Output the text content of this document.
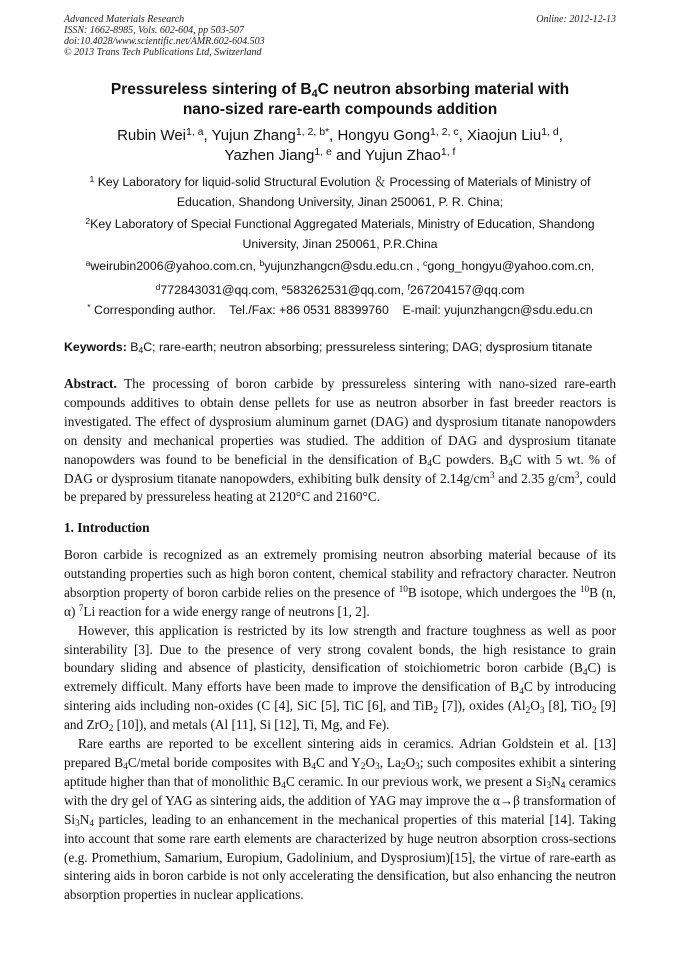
Advanced Materials Research	Online: 2012-12-13
ISSN: 1662-8985, Vols. 602-604, pp 503-507
doi:10.4028/www.scientific.net/AMR.602-604.503
© 2013 Trans Tech Publications Ltd, Switzerland
Pressureless sintering of $B_4C$ neutron absorbing material with
nano-sized rare-earth compounds addition
Rubin Wei$^{1, a}$, Yujun Zhang$^{1, 2, b*}$, Hongyu Gong$^{1, 2, c}$, Xiaojun Liu$^{1, d}$,
Yazhen Jiang$^{1, e}$ and Yujun Zhao$^{1, f}$
$^1$ Key Laboratory for liquid-solid Structural Evolution ＆ Processing of Materials of Ministry of
Education, Shandong University, Jinan 250061, P. R. China;
$^2$Key Laboratory of Special Functional Aggregated Materials, Ministry of Education, Shandong
University, Jinan 250061, P.R.China
$^a$weirubin2006@yahoo.com.cn, $^b$yujunzhangcn@sdu.edu.cn , $^c$gong_hongyu@yahoo.com.cn,
$^d$772843031@qq.com, $^e$583262531@qq.com, $^f$267204157@qq.com
* Corresponding author.    Tel./Fax: +86 0531 88399760    E-mail: yujunzhangcn@sdu.edu.cn
Keywords: $B_4C$; rare-earth; neutron absorbing; pressureless sintering; DAG; dysprosium titanate

Abstract. The processing of boron carbide by pressureless sintering with nano-sized rare-earth compounds additives to obtain dense pellets for use as neutron absorber in fast breeder reactors is investigated. The effect of dysprosium aluminum garnet (DAG) and dysprosium titanate nanopowders on density and mechanical properties was studied. The addition of DAG and dysprosium titanate nanopowders was found to be beneficial in the densification of $B_4C$ powders. $B_4C$ with 5 wt. % of DAG or dysprosium titanate nanopowders, exhibiting bulk density of $2.14g/cm^3$ and 2.35 $g/cm^3$, could be prepared by pressureless heating at 2120°C and 2160°C.

1. Introduction

Boron carbide is recognized as an extremely promising neutron absorbing material because of its outstanding properties such as high boron content, chemical stability and refractory character. Neutron absorption property of boron carbide relies on the presence of $^{10}$B isotope, which undergoes the $^{10}$B (n, α) $^7$Li reaction for a wide energy range of neutrons [1, 2].

However, this application is restricted by its low strength and fracture toughness as well as poor sinterability [3]. Due to the presence of very strong covalent bonds, the high resistance to grain boundary sliding and absence of plasticity, densification of stoichiometric boron carbide $(B_4C)$ is extremely difficult. Many efforts have been made to improve the densification of $B_4C$ by introducing sintering aids including non-oxides (C [4], SiC [5], TiC [6], and TiB$_2$ [7]), oxides ($Al_2O_3$ [8], TiO$_2$ [9] and ZrO$_2$ [10]), and metals (Al [11], Si [12], Ti, Mg, and Fe).

Rare earths are reported to be excellent sintering aids in ceramics. Adrian Goldstein et al. [13] prepared $B_4C$/metal boride composites with $B_4C$ and $Y_2O_3$, $La_2O_3$; such composites exhibit a sintering aptitude higher than that of monolithic $B_4C$ ceramic. In our previous work, we present a $Si_3N_4$ ceramics with the dry gel of YAG as sintering aids, the addition of YAG may improve the α→β transformation of $Si_3N_4$ particles, leading to an enhancement in the mechanical properties of this material [14]. Taking into account that some rare earth elements are characterized by huge neutron absorption cross-sections (e.g. Promethium, Samarium, Europium, Gadolinium, and Dysprosium)[15], the virtue of rare-earth as sintering aids in boron carbide is not only accelerating the densification, but also enhancing the neutron absorption properties in nuclear applications.
